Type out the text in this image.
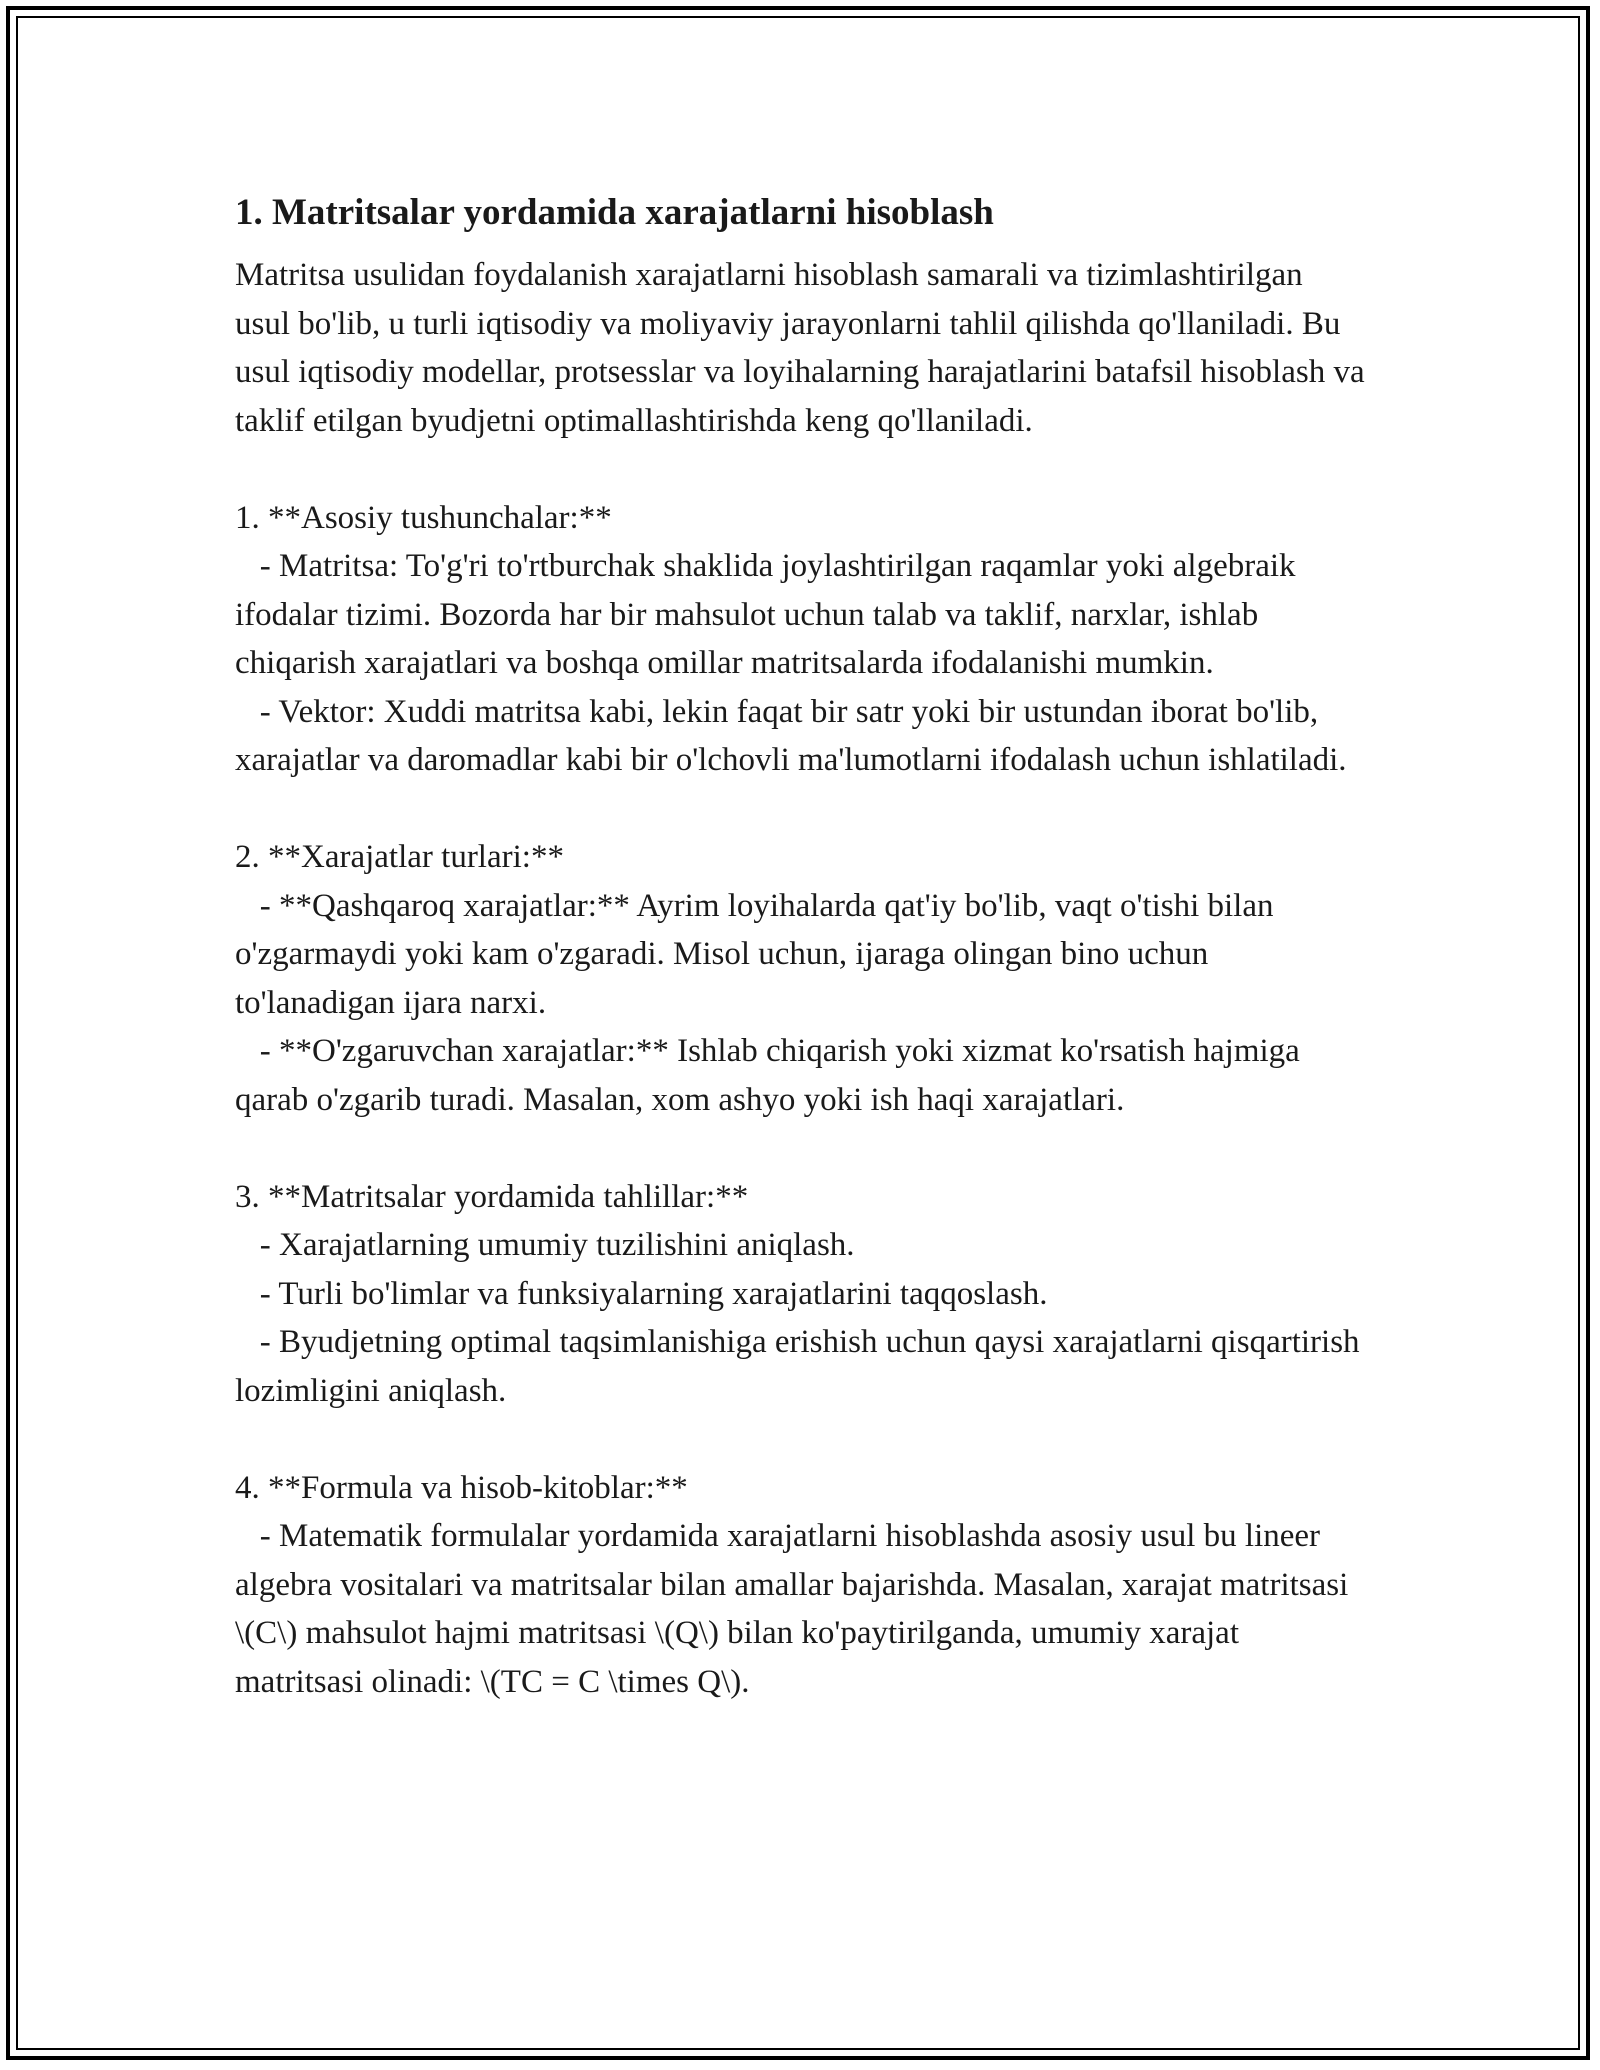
1. Matritsalar yordamida xarajatlarni hisoblash

Matritsa usulidan foydalanish xarajatlarni hisoblash samarali va tizimlashtirilgan usul bo'lib, u turli iqtisodiy va moliyaviy jarayonlarni tahlil qilishda qo'llaniladi. Bu usul iqtisodiy modellar, protsesslar va loyihalarning harajatlarini batafsil hisoblash va taklif etilgan byudjetni optimallashtirishda keng qo'llaniladi.

1. **Asosiy tushunchalar:**

- Matritsa: To'g'ri to'rtburchak shaklida joylashtirilgan raqamlar yoki algebraik ifodalar tizimi. Bozorda har bir mahsulot uchun talab va taklif, narxlar, ishlab chiqarish xarajatlari va boshqa omillar matritsalarda ifodalanishi mumkin.

- Vektor: Xuddi matritsa kabi, lekin faqat bir satr yoki bir ustundan iborat bo'lib, xarajatlar va daromadlar kabi bir o'lchovli ma'lumotlarni ifodalash uchun ishlatiladi.

2. **Xarajatlar turlari:**

- **Qashqaroq xarajatlar:** Ayrim loyihalarda qat'iy bo'lib, vaqt o'tishi bilan o'zgarmaydi yoki kam o'zgaradi. Misol uchun, ijaraga olingan bino uchun to'lanadigan ijara narxi.

- **O'zgaruvchan xarajatlar:** Ishlab chiqarish yoki xizmat ko'rsatish hajmiga qarab o'zgarib turadi. Masalan, xom ashyo yoki ish haqi xarajatlari.

3. **Matritsalar yordamida tahlillar:**

- Xarajatlarning umumiy tuzilishini aniqlash.

- Turli bo'limlar va funksiyalarning xarajatlarini taqqoslash.

- Byudjetning optimal taqsimlanishiga erishish uchun qaysi xarajatlarni qisqartirish lozimligini aniqlash.

4. **Formula va hisob-kitoblar:**

- Matematik formulalar yordamida xarajatlarni hisoblashda asosiy usul bu lineer algebra vositalari va matritsalar bilan amallar bajarishda. Masalan, xarajat matritsasi \(C\) mahsulot hajmi matritsasi \(Q\) bilan ko'paytirilganda, umumiy xarajat matritsasi olinadi: \(TC = C \times Q\).
